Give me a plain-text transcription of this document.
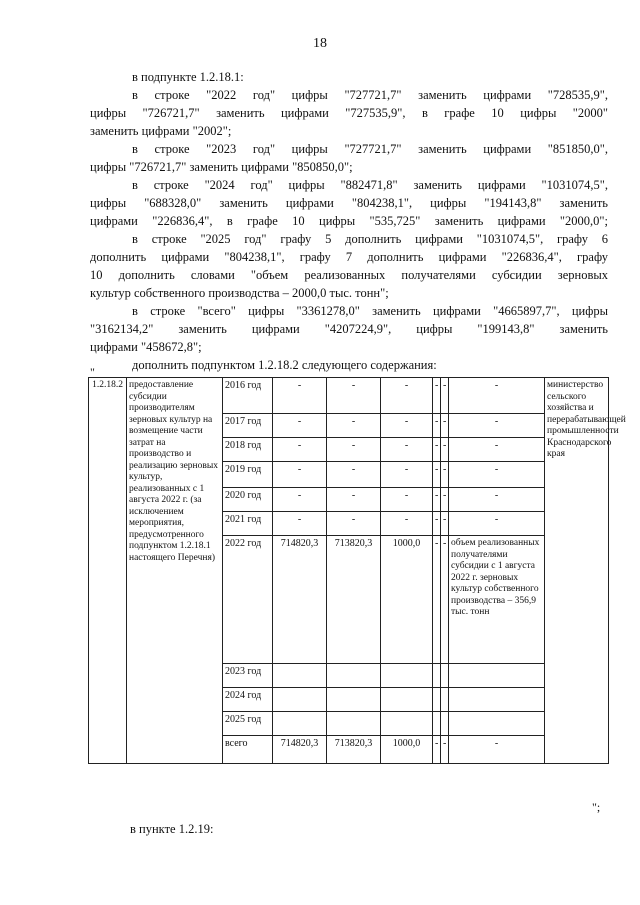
18
в подпункте 1.2.18.1:
в строке "2022 год" цифры "727721,7" заменить цифрами "728535,9",
цифры "726721,7" заменить цифрами "727535,9", в графе 10 цифры "2000"
заменить цифрами "2002";
в строке "2023 год" цифры "727721,7" заменить цифрами "851850,0",
цифры "726721,7" заменить цифрами "850850,0";
в строке "2024 год" цифры "882471,8" заменить цифрами "1031074,5",
цифры "688328,0" заменить цифрами "804238,1", цифры "194143,8" заменить
цифрами "226836,4", в графе 10 цифры "535,725" заменить цифрами "2000,0";
в строке "2025 год" графу 5 дополнить цифрами "1031074,5", графу 6
дополнить цифрами "804238,1", графу 7 дополнить цифрами "226836,4", графу
10 дополнить словами "объем реализованных получателями субсидии зерновых
культур собственного производства – 2000,0 тыс. тонн";
в строке "всего" цифры "3361278,0" заменить цифрами "4665897,7", цифры
"3162134,2" заменить цифрами "4207224,9", цифры "199143,8" заменить
цифрами "458672,8";
дополнить подпунктом 1.2.18.2 следующего содержания:
"
1.2.18.2	предоставление субсидии производителям зерновых культур на возмещение части затрат на производство и реализацию зерновых культур, реализованных с 1 августа 2022 г. (за исключением мероприятия, предусмотренного подпунктом 1.2.18.1 настоящего Перечня)	2016 год	-	-	-	-	-	-	министерство сельского хозяйства и перерабатывающей промышленности Краснодарского края
		2017 год	-	-	-	-	-	-	
		2018 год	-	-	-	-	-	-	
		2019 год	-	-	-	-	-	-	
		2020 год	-	-	-	-	-	-	
		2021 год	-	-	-	-	-	-	
		2022 год	714820,3	713820,3	1000,0	-	-	объем реализованных получателями субсидии с 1 августа 2022 г. зерновых культур собственного производства – 356,9 тыс. тонн	
		2023 год							
		2024 год							
		2025 год							
		всего	714820,3	713820,3	1000,0	-	-	-	
";
в пункте 1.2.19:
